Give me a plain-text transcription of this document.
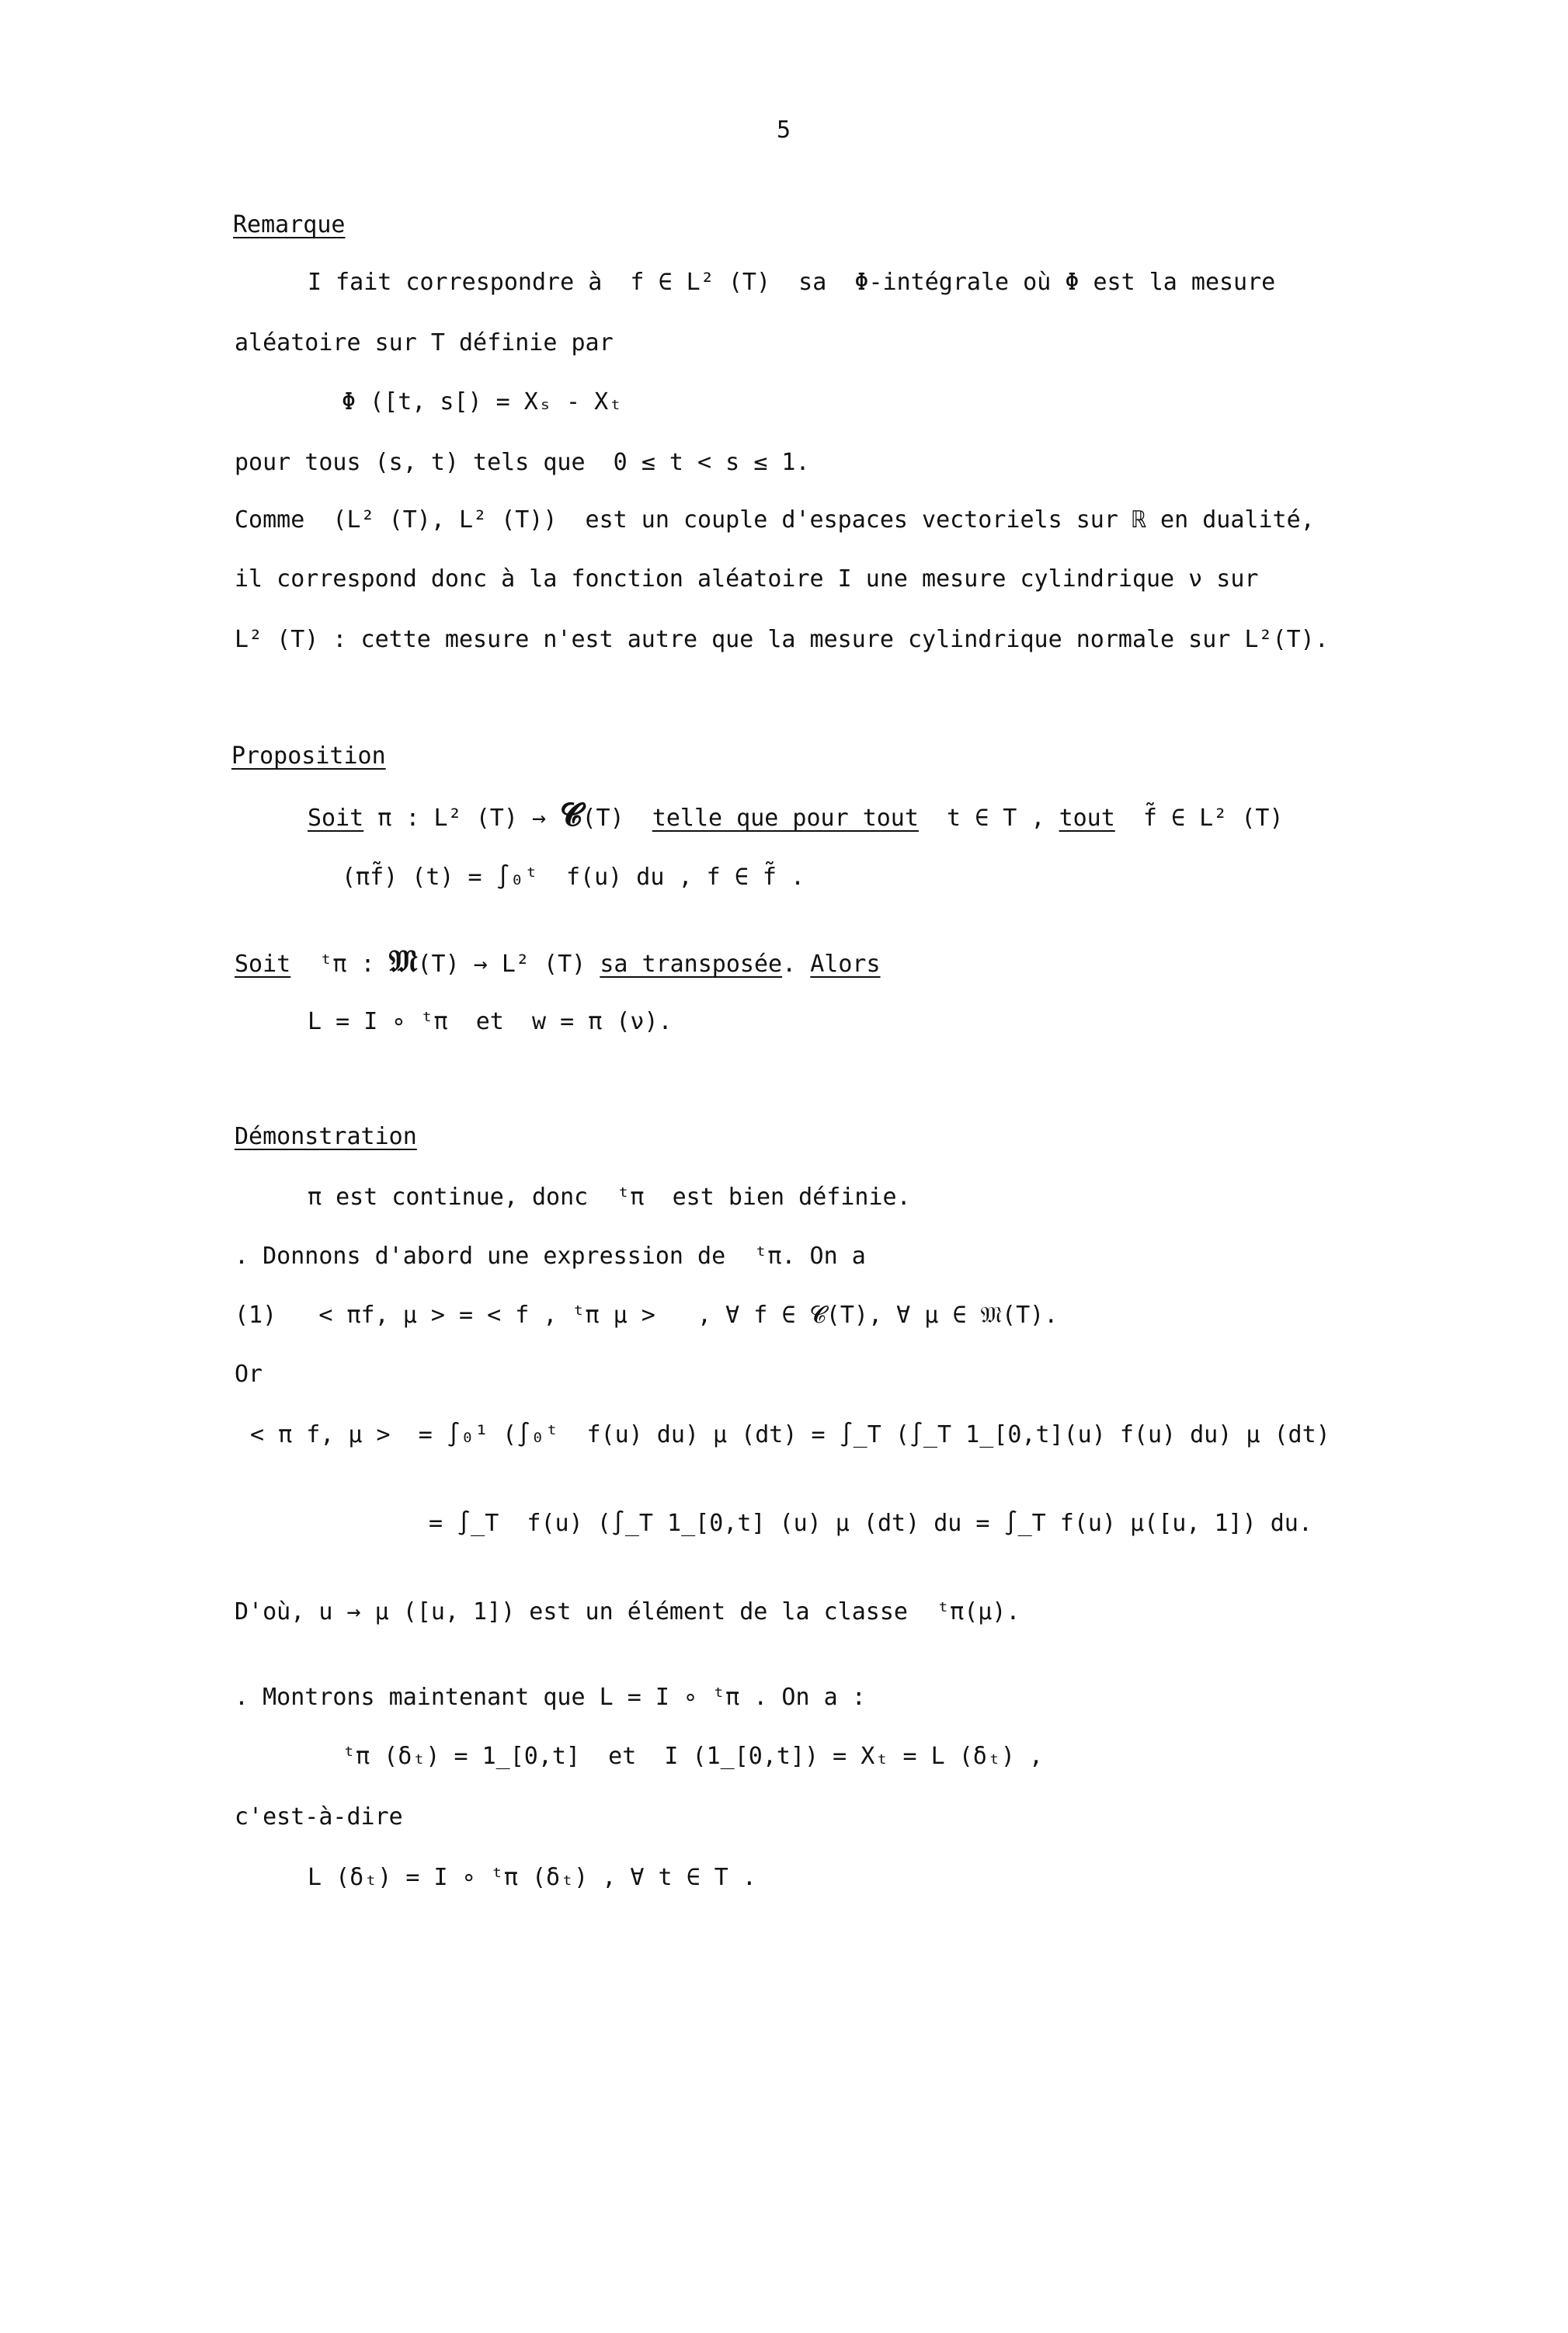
5
Remarque
I fait correspondre à  f ∈ L² (T)  sa  Φ-intégrale où Φ est la mesure
aléatoire sur T définie par
Φ ([t, s[) = Xₛ - Xₜ
pour tous (s, t) tels que  0 ≤ t < s ≤ 1.
Comme  (L² (T), L² (T))  est un couple d'espaces vectoriels sur ℝ en dualité,
il correspond donc à la fonction aléatoire I une mesure cylindrique ν sur
L² (T) : cette mesure n'est autre que la mesure cylindrique normale sur L²(T).
Proposition
Soit π : L² (T) → 𝓒(T)  telle que pour tout  t ∈ T , tout  f̃ ∈ L² (T)
(πf̃) (t) = ∫₀ᵗ  f(u) du , f ∈ f̃ .
Soit  ᵗπ : 𝔐(T) → L² (T) sa transposée. Alors
L = I ∘ ᵗπ  et  w = π (ν).
Démonstration
π est continue, donc  ᵗπ  est bien définie.
. Donnons d'abord une expression de  ᵗπ. On a
(1)   < πf, μ > = < f , ᵗπ μ >   , ∀ f ∈ 𝓒(T), ∀ μ ∈ 𝔐(T).
Or
< π f, μ >  = ∫₀¹ (∫₀ᵗ  f(u) du) μ (dt) = ∫_T (∫_T 1_[0,t](u) f(u) du) μ (dt)
= ∫_T  f(u) (∫_T 1_[0,t] (u) μ (dt) du = ∫_T f(u) μ([u, 1]) du.
D'où, u → μ ([u, 1]) est un élément de la classe  ᵗπ(μ).
. Montrons maintenant que L = I ∘ ᵗπ . On a :
ᵗπ (δₜ) = 1_[0,t]  et  I (1_[0,t]) = Xₜ = L (δₜ) ,
c'est-à-dire
L (δₜ) = I ∘ ᵗπ (δₜ) , ∀ t ∈ T .
